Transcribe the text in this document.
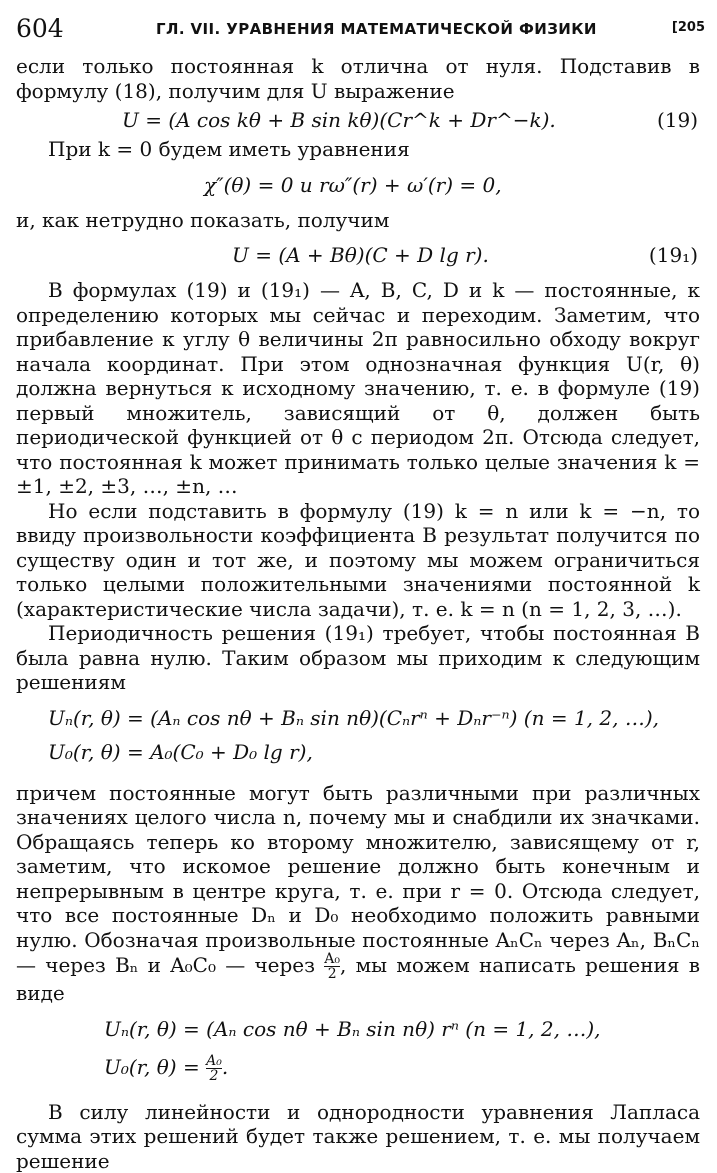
604	ГЛ. VII. УРАВНЕНИЯ МАТЕМАТИЧЕСКОЙ ФИЗИКИ	[205

если только постоянная k отлична от нуля. Подставив в формулу (18), получим для U выражение

U = (A cos kθ + B sin kθ)(Cr^k + Dr^−k).	(19)

При k = 0 будем иметь уравнения

χ″(θ) = 0 и rω″(r) + ω′(r) = 0,

и, как нетрудно показать, получим

U = (A + Bθ)(C + D lg r).	(19₁)

В формулах (19) и (19₁) — A, B, C, D и k — постоянные, к определению которых мы сейчас и переходим. Заметим, что прибавление к углу θ величины 2π равносильно обходу вокруг начала координат. При этом однозначная функция U(r, θ) должна вернуться к исходному значению, т. е. в формуле (19) первый множитель, зависящий от θ, должен быть периодической функцией от θ с периодом 2π. Отсюда следует, что постоянная k может принимать только целые значения k = ±1, ±2, ±3, …, ±n, …

Но если подставить в формулу (19) k = n или k = −n, то ввиду произвольности коэффициента B результат получится по существу один и тот же, и поэтому мы можем ограничиться только целыми положительными значениями постоянной k (характеристические числа задачи), т. е. k = n (n = 1, 2, 3, …).

Периодичность решения (19₁) требует, чтобы постоянная B была равна нулю. Таким образом мы приходим к следующим решениям

Uₙ(r, θ) = (Aₙ cos nθ + Bₙ sin nθ)(Cₙrⁿ + Dₙr⁻ⁿ) (n = 1, 2, …),
U₀(r, θ) = A₀(C₀ + D₀ lg r),

причем постоянные могут быть различными при различных значениях целого числа n, почему мы и снабдили их значками. Обращаясь теперь ко второму множителю, зависящему от r, заметим, что искомое решение должно быть конечным и непрерывным в центре круга, т. е. при r = 0. Отсюда следует, что все постоянные Dₙ и D₀ необходимо положить равными нулю. Обозначая произвольные постоянные AₙCₙ через Aₙ, BₙCₙ — через Bₙ и A₀C₀ — через $\frac{\text{A₀}}{2}$ , мы можем написать решения в виде

Uₙ(r, θ) = (Aₙ cos nθ + Bₙ sin nθ) rⁿ (n = 1, 2, …),
U₀(r, $\theta) = \frac{\text{A₀}}{2}$ .

В силу линейности и однородности уравнения Лапласа сумма этих решений будет также решением, т. е. мы получаем решение
